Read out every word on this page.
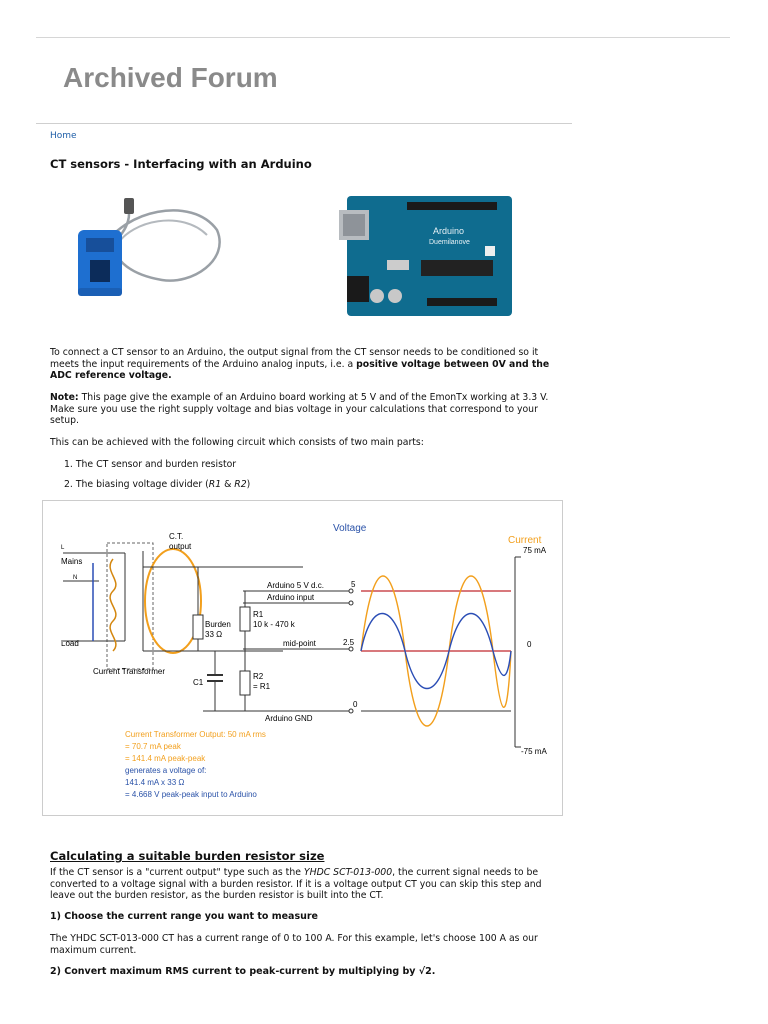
Archived Forum
Home
CT sensors - Interfacing with an Arduino
Arduino
Duemilanove
To connect a CT sensor to an Arduino, the output signal from the CT sensor needs to be conditioned so it meets the input requirements of the Arduino analog inputs, i.e. a positive voltage between 0V and the ADC reference voltage.
Note: This page give the example of an Arduino board working at 5 V and of the EmonTx working at 3.3 V. Make sure you use the right supply voltage and bias voltage in your calculations that correspond to your setup.
This can be achieved with the following circuit which consists of two main parts:
1. The CT sensor and burden resistor
2. The biasing voltage divider (R1 & R2)
L
Mains
N
Load
Current Transformer
C.T.
output
Burden
33 Ω
Arduino 5 V d.c.
Arduino input
R1
10 k - 470 k
mid-point
R2
= R1
C1
Arduino GND
Voltage
Current
5
2.5
0
75 mA
0
-75 mA
Current Transformer Output: 50 mA rms
= 70.7 mA peak
= 141.4 mA peak-peak
generates a voltage of:
141.4 mA x 33 Ω
= 4.668 V peak-peak input to Arduino
Calculating a suitable burden resistor size
If the CT sensor is a "current output" type such as the YHDC SCT-013-000, the current signal needs to be converted to a voltage signal with a burden resistor. If it is a voltage output CT you can skip this step and leave out the burden resistor, as the burden resistor is built into the CT.
1) Choose the current range you want to measure
The YHDC SCT-013-000 CT has a current range of 0 to 100 A. For this example, let's choose 100 A as our maximum current.
2) Convert maximum RMS current to peak-current by multiplying by √2.
